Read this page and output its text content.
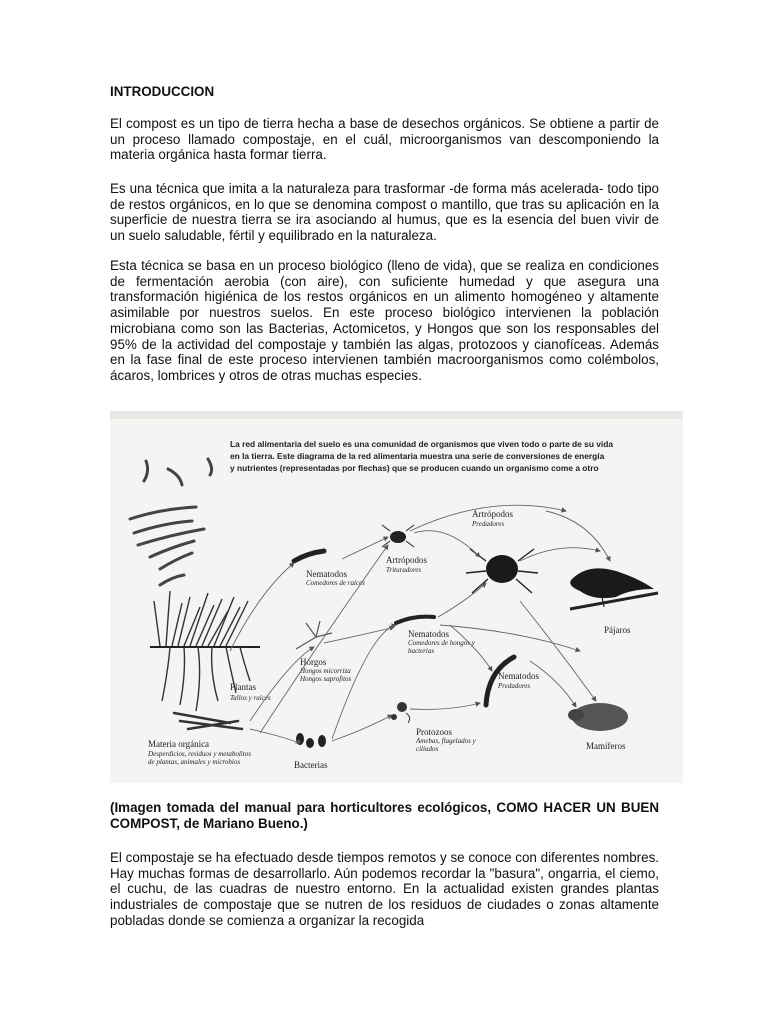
INTRODUCCION

El compost es un tipo de tierra hecha a base de desechos orgánicos. Se obtiene a partir de un proceso llamado compostaje, en el cuál, microorganismos van descomponiendo la materia orgánica hasta formar tierra.

Es una técnica que imita a la naturaleza para trasformar -de forma más acelerada- todo tipo de restos orgánicos, en lo que se denomina compost o mantillo, que tras su aplicación en la superficie de nuestra tierra se ira asociando al humus, que es la esencia del buen vivir de un suelo saludable, fértil y equilibrado en la naturaleza.

Esta técnica se basa en un proceso biológico (lleno de vida), que se realiza en condiciones de fermentación aerobia (con aire), con suficiente humedad y que asegura una transformación higiénica de los restos orgánicos en un alimento homogéneo y altamente asimilable por nuestros suelos. En este proceso biológico intervienen la población microbiana como son las Bacterias, Actomicetos, y Hongos que son los responsables del 95% de la actividad del compostaje y también las algas, protozoos y cianofíceas. Además en la fase final de este proceso intervienen también macroorganismos como colémbolos, ácaros, lombrices y otros de otras muchas especies.

(Imagen tomada del manual para horticultores ecológicos, COMO HACER UN BUEN COMPOST, de Mariano Bueno.)

El compostaje se ha efectuado desde tiempos remotos y se conoce con diferentes nombres. Hay muchas formas de desarrollarlo. Aún podemos recordar la "basura", ongarria, el ciemo, el cuchu, de las cuadras de nuestro entorno. En la actualidad existen grandes plantas industriales de compostaje que se nutren de los residuos de ciudades o zonas altamente pobladas donde se comienza a organizar la recogida

La red alimentaria del suelo es una comunidad de organismos que viven todo o parte de su vida
en la tierra. Este diagrama de la red alimentaria muestra una serie de conversiones de energía
y nutrientes (representadas por flechas) que se producen cuando un organismo come a otro
Plantas
Tallos y raíces
Materia orgánica
Desperdicios, residuos y metabolitos de plantas, animales y microbios	Bacterias
Nematodos
Comedores de raíces
Artrópodos
Trituradores
Artrópodos
Predadores
Pájaros
Nematodos
Comedores de hongos y bacterias
Horgos
Hongos micorriza Hongos saprofitos	Nematodos
Predadores
Protozoos
Amebas, flagelados y ciliados	Mamíferos
